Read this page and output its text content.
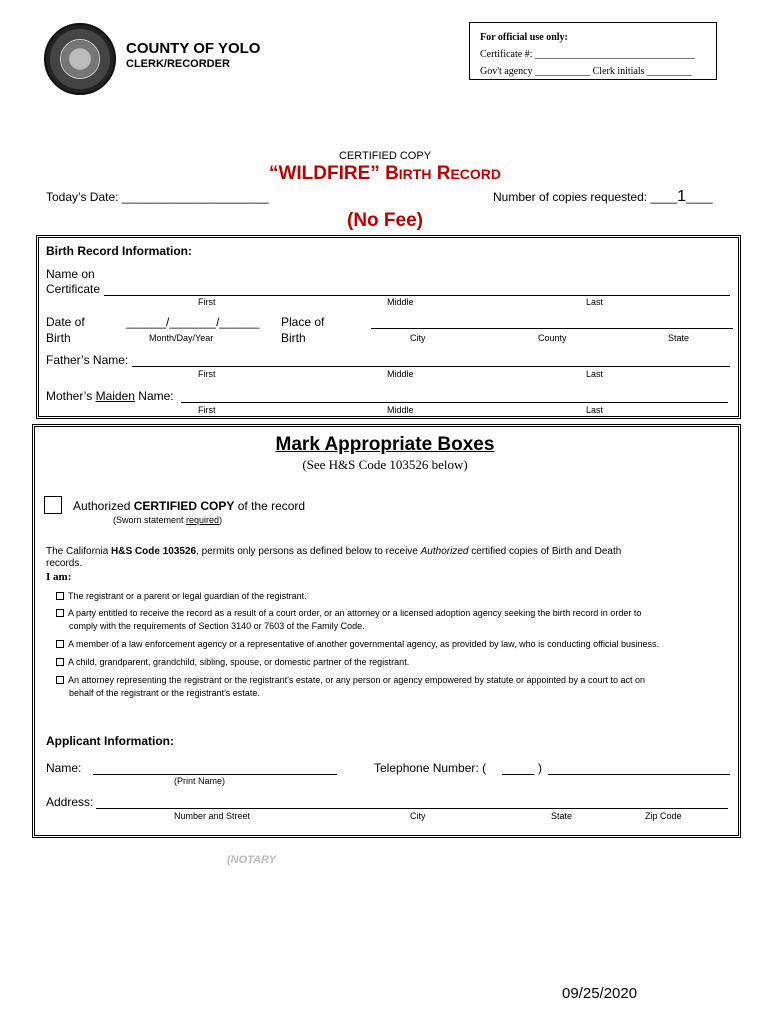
COUNTY OF YOLO
CLERK/RECORDER
For official use only:
Certificate #: ________________________________
Gov't agency ___________ Clerk initials _________
CERTIFIED COPY
“WILDFIRE” BIRTH RECORD
Today’s Date: ______________________	Number of copies requested: ____1____
(No Fee)
Birth Record Information:
Name on
Certificate
First	Middle	Last
Date of
Birth
______/_______/______
Month/Day/Year
Place of
Birth	City	County	State
Father’s Name:
First	Middle	Last
Mother’s Maiden Name:
First	Middle	Last
Mark Appropriate Boxes
(See H&S Code 103526 below)
Authorized CERTIFIED COPY of the record
(Sworn statement required)
The California H&S Code 103526, permits only persons as defined below to receive Authorized certified copies of Birth and Death
records.
I am:
The registrant or a parent or legal guardian of the registrant.
A party entitled to receive the record as a result of a court order, or an attorney or a licensed adoption agency seeking the birth record in order to
comply with the requirements of Section 3140 or 7603 of the Family Code.
A member of a law enforcement agency or a representative of another governmental agency, as provided by law, who is conducting official business.
A child, grandparent, grandchild, sibling, spouse, or domestic partner of the registrant.
An attorney representing the registrant or the registrant's estate, or any person or agency empowered by statute or appointed by a court to act on
behalf of the registrant or the registrant's estate.
Applicant Information:
Name:
(Print Name)
Telephone Number: (	)
Address:
Number and Street	City	State	Zip Code
(NOTARY
09/25/2020
